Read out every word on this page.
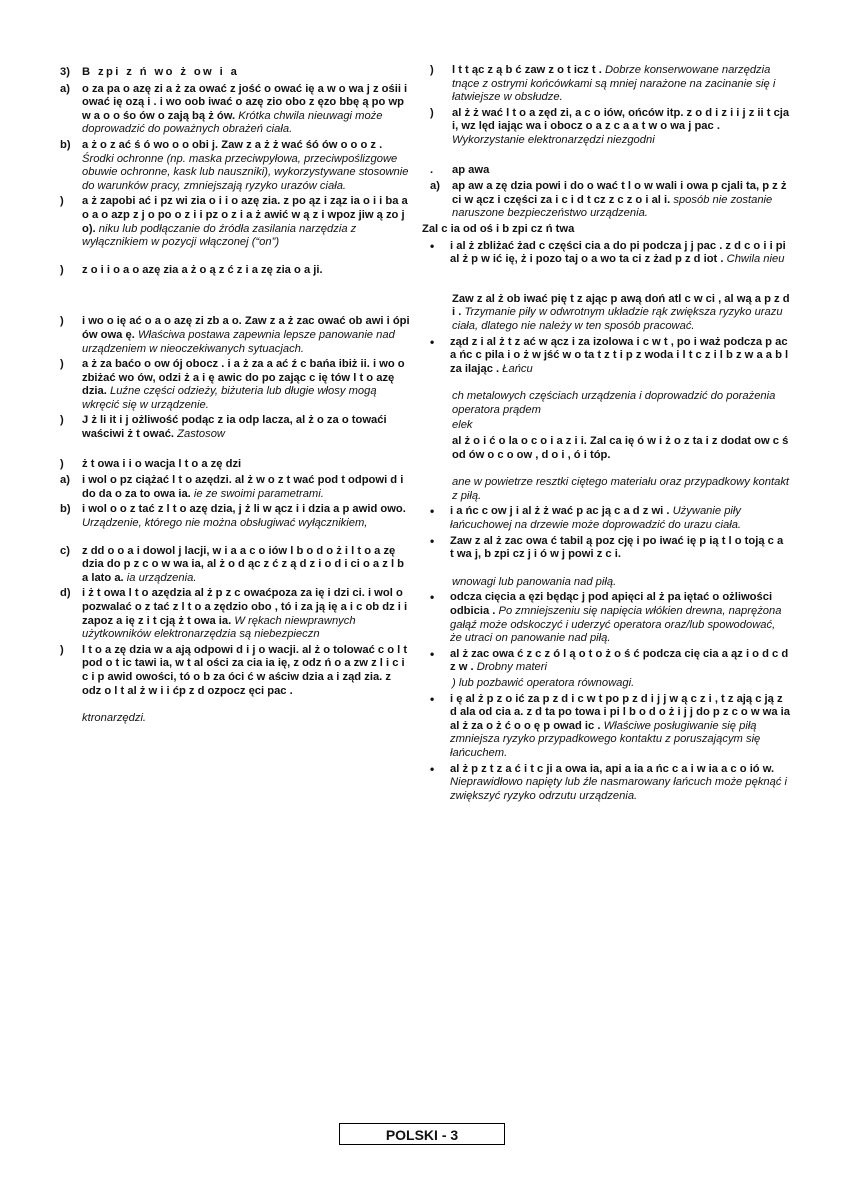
3)	B zpi z ń wo ż ow i a
a)	o za pa o azę zi a ż za ować z jość o ować ię a w o wa j z ośii i ować ię ozą i . i wo oob iwać o azę zio obo z ęzo bbę ą po wp w a o o śo ów o zają bą ż ów. Krótka chwila nieuwagi może doprowadzić do poważnych obrażeń ciała.
b)	a ż o z ać ś ó wo o o obi j. Zaw z a ż ż wać śó ów o o o z . Środki ochronne (np. maska przeciwpyłowa, przeciwpoślizgowe obuwie ochronne, kask lub nauszniki), wykorzystywane stosownie do warunków pracy, zmniejszają ryzyko urazów ciała.
)	a ż zapobi ać i pz wi zia o i i o azę zia. z po ąz i ząz ia o i i ba a o a o azp z j o po o z i i pz o z i a ż awić w ą z i wpoz jiw ą zo j o). niku lub podłączanie do źródła zasilania narzędzia z wyłącznikiem w pozycji włączonej (“on”)
)	z o i i o a o azę zia a ż o ą z ć z i a zę zia o a ji.
)	i wo o ię ać o a o azę zi zb a o. Zaw z a ż zac ować ob awi i ópi ów owa ę. Właściwa postawa zapewnia lepsze panowanie nad urządzeniem w nieoczekiwanych sytuacjach.
)	a ż za baćo o ow ój obocz . i a ż za a ać ź c bańa ibiż ii. i wo o zbiżać wo ów, odzi ż a i ę awic do po zając c ię tów l t o azę dzia. Luźne części odzieży, biżuteria lub długie włosy mogą wkręcić się w urządzenie.
)	J ż li it i j ożliwość podąc z ia odp lacza, al ż o za o towaći waściwi ż t ować. Zastosow
)	ż t owa i i o wacja l t o a zę dzi
a)	i wol o pz ciążać l t o azędzi. al ż w o z t wać pod t odpowi d i do da o za to owa ia. ie ze swoimi parametrami.
b)	i wol o o z tać z l t o azę dzia, j ż li w ącz i i dzia a p awid owo. Urządzenie, którego nie można obsługiwać wyłącznikiem,
c)	z dd o o a i dowol j lacji, w i a a c o iów l b o d o ż i l t o a zę dzia do p z c o w wa ia, al ż o d ąc z ć z ą d z i o d i ci o a z l b a lato a. ia urządzenia.
d)	i ż t owa l t o azędzia al ż p z c owaćpoza za ię i dzi ci. i wol o pozwalać o z tać z l t o a zędzio obo , tó i za ją ię a i c ob dz i i zapoz a ię z i t cją ż t owa ia. W rękach niewprawnych użytkowników elektronarzędzia są niebezpieczn
)	l t o a zę dzia w a ają odpowi d i j o wacji. al ż o tolować c o l t pod o t ic tawi ia, w t al ości za cia ia ię, z odz ń o a zw z l i c i c i p awid owości, tó o b za óci ć w aściw dzia a i ząd zia. z odz o l t al ż w i i ćp z d ozpocz ęci pac .
ktronarzędzi.
)	l t t ąc z ą b ć zaw z o t icz t . Dobrze konserwowane narzędzia tnące z ostrymi końcówkami są mniej narażone na zacinanie się i łatwiejsze w obsłudze.
)	al ż ż wać l t o a zęd zi, a c o iów, ońców itp. z o d i z i i j z ii t cja i, wz lęd iając wa i obocz o a z c a a t w o wa j pac . Wykorzystanie elektronarzędzi niezgodni
.	ap awa
a)	ap aw a zę dzia powi i do o wać t l o w wali i owa p cjali ta, p z ż ci w ącz i części za i c i d t cz z c z o i al i. sposób nie zostanie naruszone bezpieczeństwo urządzenia.
Zal c ia od oś i b zpi cz ń twa
•	i al ż zbliżać żad c części cia a do pi podcza j j pac . z d c o i i pi al ż p w ić ię, ż i pozo taj o a wo ta ci z żad p z d iot . Chwila nieu
Zaw z al ż ob iwać pię t z ając p awą doń atl c w ci , al wą a p z d i . Trzymanie piły w odwrotnym układzie rąk zwiększa ryzyko urazu ciała, dlatego nie należy w ten sposób pracować.
•	ząd z i al ż t z ać w ącz i za izolowa i c w t , po i waż podcza p ac a ńc c pila i o ż w jść w o ta t z t i p z woda i l t c z i l b z w a a b l za ilając . Łańcu
ch metalowych częściach urządzenia i doprowadzić do porażenia operatora prądem
elek
al ż o i ć o la o c o i a z i i. Zal ca ię ó w i ż o z ta i z dodat ow c ś od ów o c o ow , d o i , ó i tóp.
ane w powietrze resztki ciętego materiału oraz przypadkowy kontakt z piłą.
•	i a ńc c ow j i al ż ż wać p ac ją c a d z wi . Używanie piły łańcuchowej na drzewie może doprowadzić do urazu ciała.
•	Zaw z al ż zac owa ć tabil ą poz cję i po iwać ię p ią t l o toją c a t wa j, b zpi cz j i ó w j powi z c i.
wnowagi lub panowania nad piłą.
•	odcza cięcia a ęzi będąc j pod apięci al ż pa iętać o ożliwości odbicia . Po zmniejszeniu się napięcia włókien drewna, naprężona gałąź może odskoczyć i uderzyć operatora oraz/lub spowodować, że utraci on panowanie nad piłą.
•	al ż zac owa ć z c z ó l ą o t o ż o ś ć podcza cię cia a ąz i o d c d z w . Drobny materi
) lub pozbawić operatora równowagi.
•	i ę al ż p z o ić za p z d i c w t po p z d i j j w ą c z i , t z ają c ją z d ala od cia a. z d ta po towa i pi l b o d o ż i j j do p z c o w wa ia al ż za o ż ć o o ę p owad ic . Właściwe posługiwanie się piłą zmniejsza ryzyko przypadkowego kontaktu z poruszającym się łańcuchem.
•	al ż p z t z a ć i t c ji a owa ia, api a ia a ńc c a i w ia a c o ió w. Nieprawidłowo napięty lub źle nasmarowany łańcuch może pęknąć i zwiększyć ryzyko odrzutu urządzenia.
POLSKI - 3
